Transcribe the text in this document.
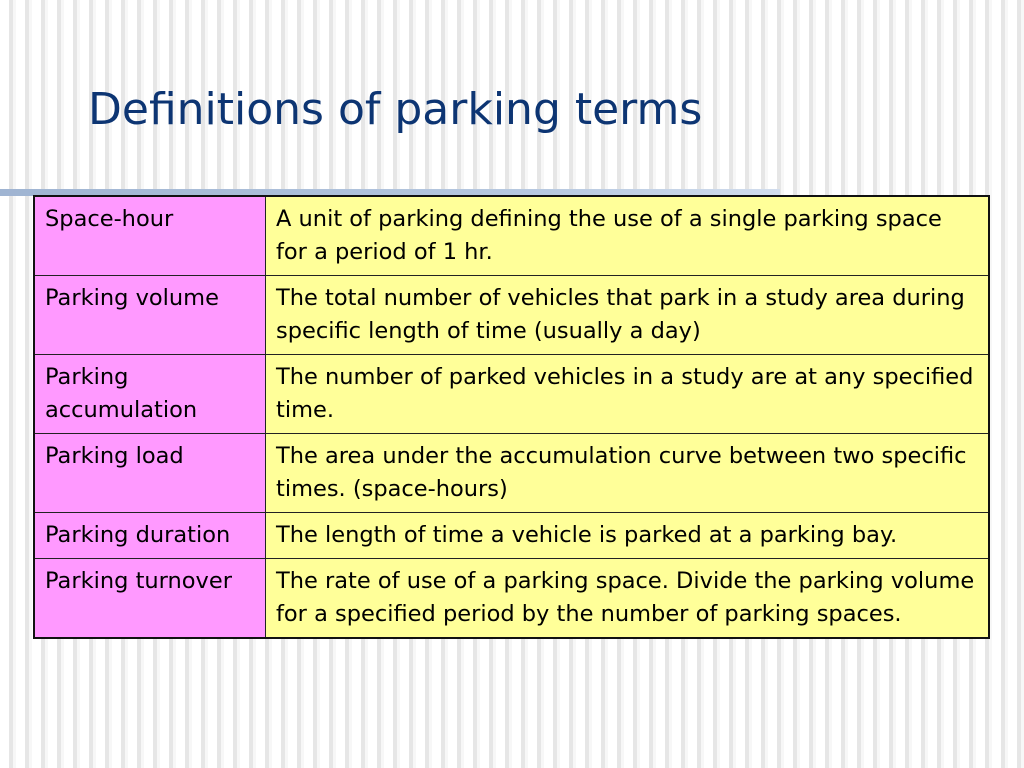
Definitions of parking terms
Space-hour	A unit of parking defining the use of a single parking space for a period of 1 hr.
Parking volume	The total number of vehicles that park in a study area during specific length of time (usually a day)
Parking accumulation	The number of parked vehicles in a study are at any specified time.
Parking load	The area under the accumulation curve between two specific times. (space-hours)
Parking duration	The length of time a vehicle is parked at a parking bay.
Parking turnover	The rate of use of a parking space. Divide the parking volume for a specified period by the number of parking spaces.
